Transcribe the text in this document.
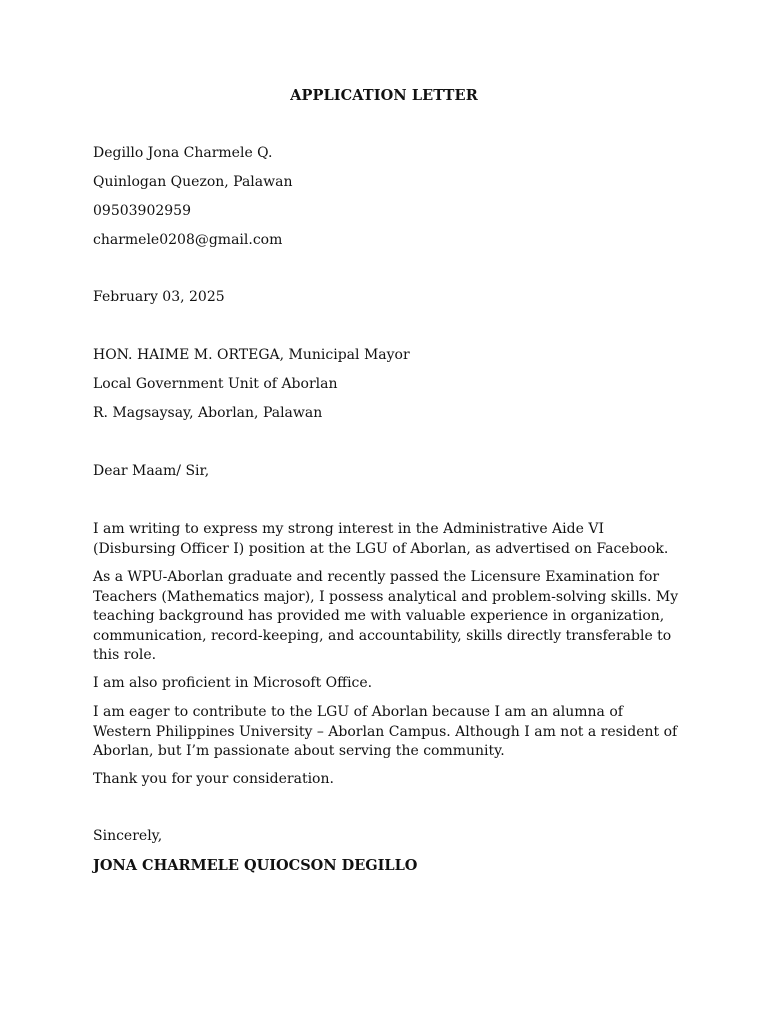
APPLICATION LETTER
Degillo Jona Charmele Q.
Quinlogan Quezon, Palawan
09503902959
charmele0208@gmail.com
February 03, 2025
HON. HAIME M. ORTEGA, Municipal Mayor
Local Government Unit of Aborlan
R. Magsaysay, Aborlan, Palawan
Dear Maam/ Sir,
I am writing to express my strong interest in the Administrative Aide VI (Disbursing Officer I) position at the LGU of Aborlan, as advertised on Facebook.
As a WPU-Aborlan graduate and recently passed the Licensure Examination for Teachers (Mathematics major), I possess analytical and problem-solving skills. My teaching background has provided me with valuable experience in organization, communication, record-keeping, and accountability, skills directly transferable to this role.
I am also proficient in Microsoft Office.
I am eager to contribute to the LGU of Aborlan because I am an alumna of Western Philippines University – Aborlan Campus. Although I am not a resident of Aborlan, but I’m passionate about serving the community.
Thank you for your consideration.
Sincerely,
JONA CHARMELE QUIOCSON DEGILLO
